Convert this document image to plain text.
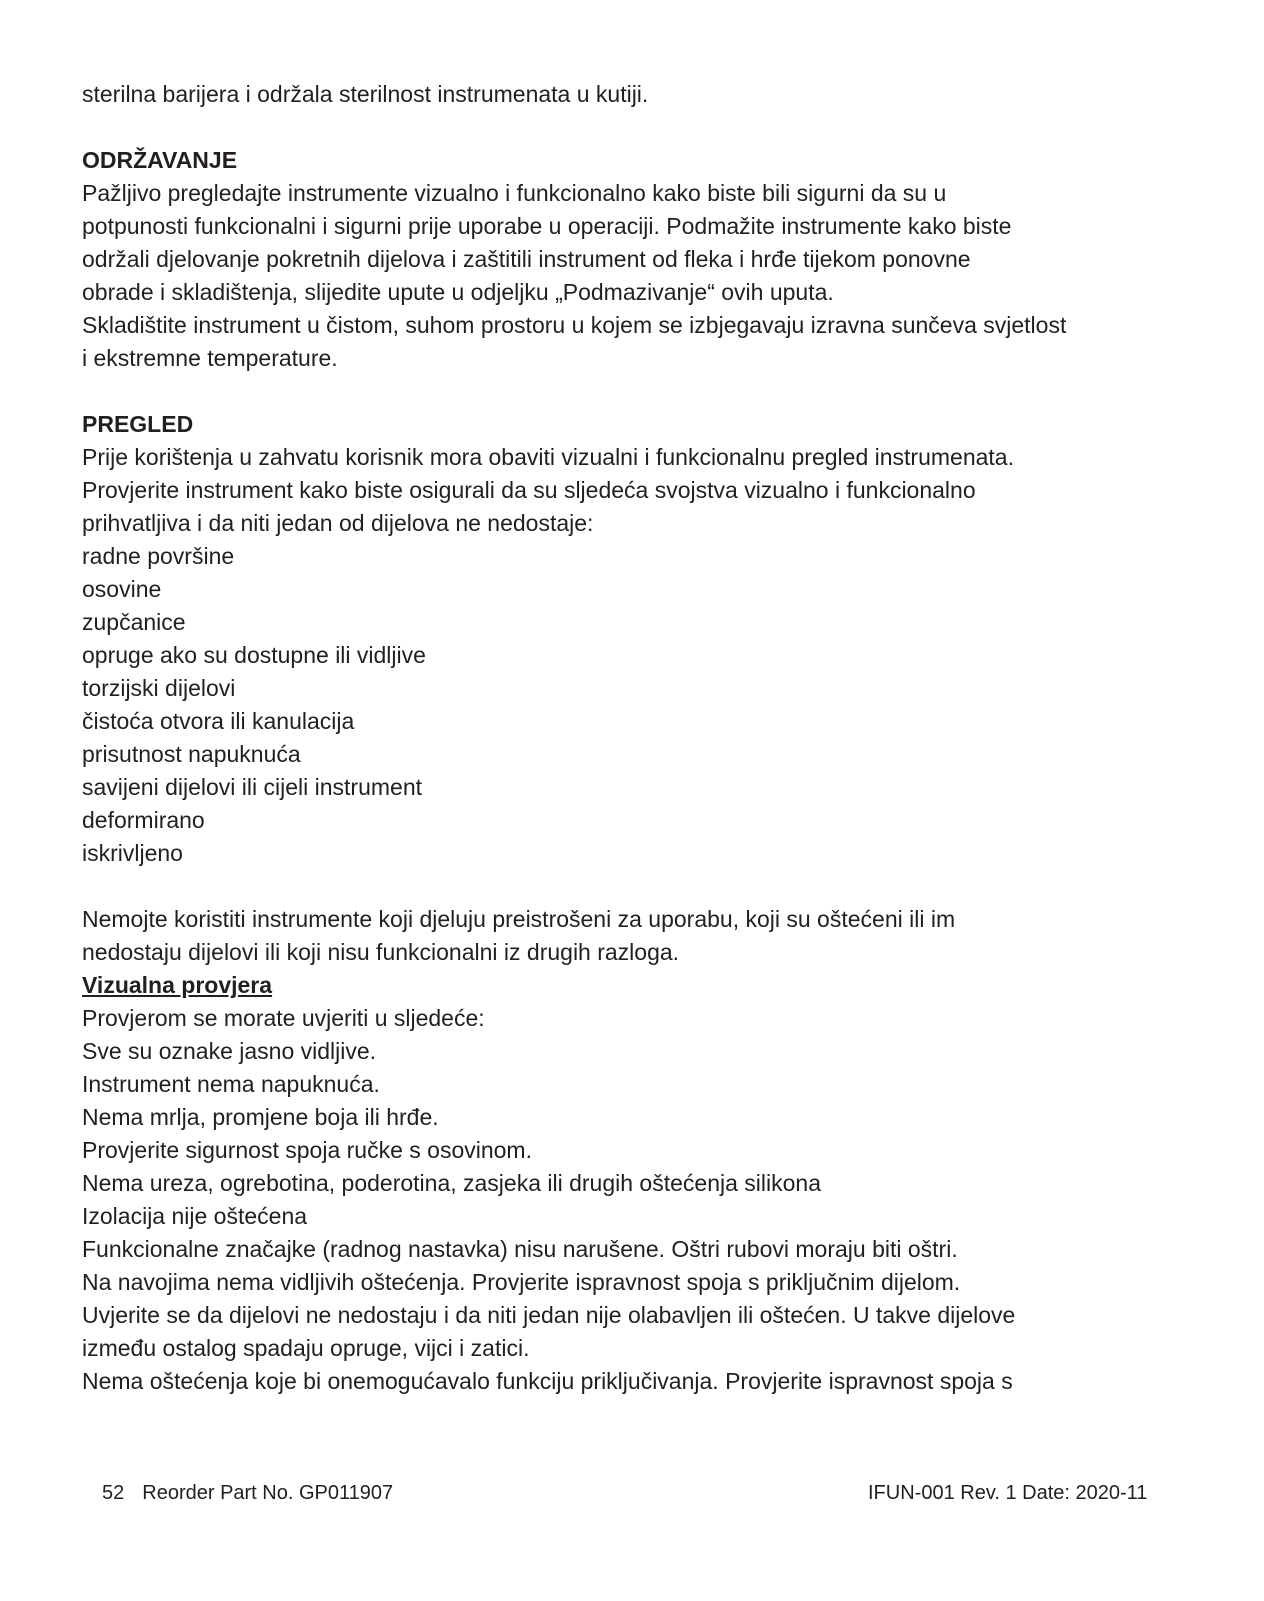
sterilna barijera i održala sterilnost instrumenata u kutiji.
ODRŽAVANJE
Pažljivo pregledajte instrumente vizualno i funkcionalno kako biste bili sigurni da su u
potpunosti funkcionalni i sigurni prije uporabe u operaciji. Podmažite instrumente kako biste
održali djelovanje pokretnih dijelova i zaštitili instrument od fleka i hrđe tijekom ponovne
obrade i skladištenja, slijedite upute u odjeljku „Podmazivanje“ ovih uputa.
Skladištite instrument u čistom, suhom prostoru u kojem se izbjegavaju izravna sunčeva svjetlost
i ekstremne temperature.
PREGLED
Prije korištenja u zahvatu korisnik mora obaviti vizualni i funkcionalnu pregled instrumenata.
Provjerite instrument kako biste osigurali da su sljedeća svojstva vizualno i funkcionalno
prihvatljiva i da niti jedan od dijelova ne nedostaje:
radne površine
osovine
zupčanice
opruge ako su dostupne ili vidljive
torzijski dijelovi
čistoća otvora ili kanulacija
prisutnost napuknuća
savijeni dijelovi ili cijeli instrument
deformirano
iskrivljeno
Nemojte koristiti instrumente koji djeluju preistrošeni za uporabu, koji su oštećeni ili im
nedostaju dijelovi ili koji nisu funkcionalni iz drugih razloga.
Vizualna provjera
Provjerom se morate uvjeriti u sljedeće:
Sve su oznake jasno vidljive.
Instrument nema napuknuća.
Nema mrlja, promjene boja ili hrđe.
Provjerite sigurnost spoja ručke s osovinom.
Nema ureza, ogrebotina, poderotina, zasjeka ili drugih oštećenja silikona
Izolacija nije oštećena
Funkcionalne značajke (radnog nastavka) nisu narušene. Oštri rubovi moraju biti oštri.
Na navojima nema vidljivih oštećenja. Provjerite ispravnost spoja s priključnim dijelom.
Uvjerite se da dijelovi ne nedostaju i da niti jedan nije olabavljen ili oštećen. U takve dijelove
između ostalog spadaju opruge, vijci i zatici.
Nema oštećenja koje bi onemogućavalo funkciju priključivanja. Provjerite ispravnost spoja s
52 Reorder Part No. GP011907	IFUN-001 Rev. 1 Date: 2020-11
